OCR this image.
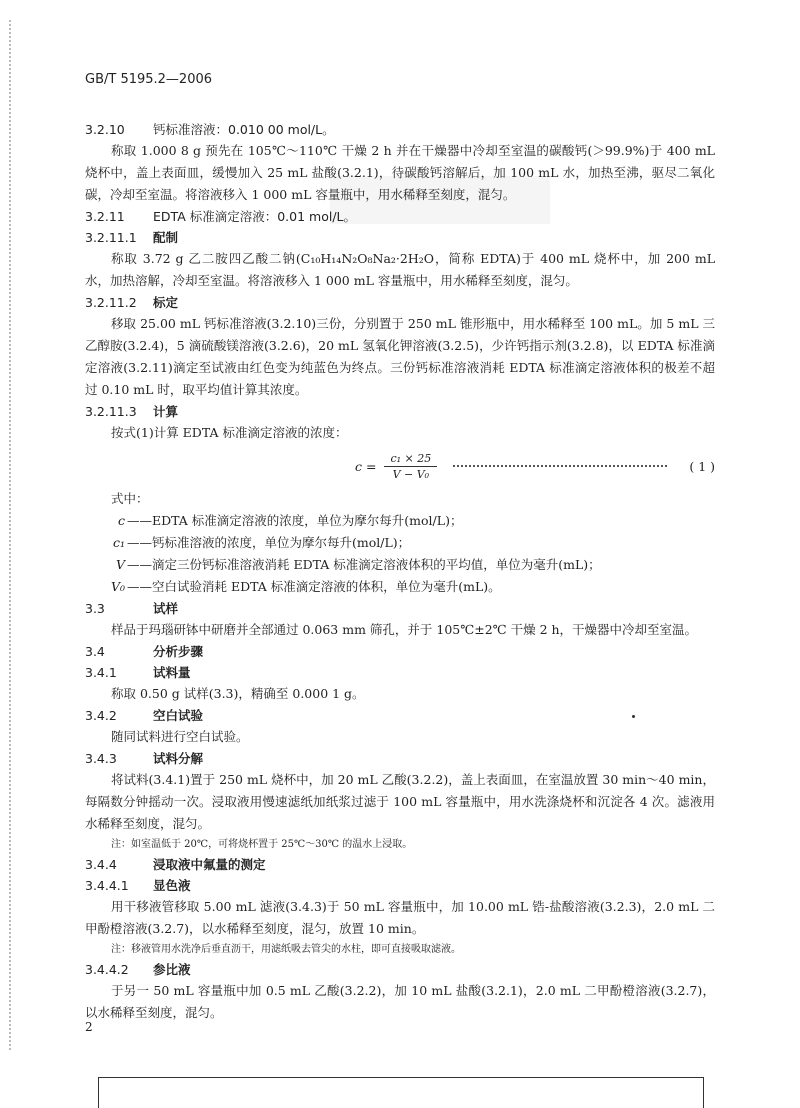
GB/T 5195.2—2006
3.2.10 钙标准溶液：0.010 00 mol/L。
称取 1.000 8 g 预先在 105℃～110℃ 干燥 2 h 并在干燥器中冷却至室温的碳酸钙(＞99.9%)于 400 mL 烧杯中，盖上表面皿，缓慢加入 25 mL 盐酸(3.2.1)，待碳酸钙溶解后，加 100 mL 水，加热至沸，驱尽二氧化碳，冷却至室温。将溶液移入 1 000 mL 容量瓶中，用水稀释至刻度，混匀。
3.2.11 EDTA 标准滴定溶液：0.01 mol/L。
3.2.11.1 配制
称取 3.72 g 乙二胺四乙酸二钠(C₁₀H₁₄N₂O₈Na₂·2H₂O，简称 EDTA)于 400 mL 烧杯中，加 200 mL 水，加热溶解，冷却至室温。将溶液移入 1 000 mL 容量瓶中，用水稀释至刻度，混匀。
3.2.11.2 标定
移取 25.00 mL 钙标准溶液(3.2.10)三份，分别置于 250 mL 锥形瓶中，用水稀释至 100 mL。加 5 mL 三乙醇胺(3.2.4)，5 滴硫酸镁溶液(3.2.6)，20 mL 氢氧化钾溶液(3.2.5)，少许钙指示剂(3.2.8)，以 EDTA 标准滴定溶液(3.2.11)滴定至试液由红色变为纯蓝色为终点。三份钙标准溶液消耗 EDTA 标准滴定溶液体积的极差不超过 0.10 mL 时，取平均值计算其浓度。
3.2.11.3 计算
按式(1)计算 EDTA 标准滴定溶液的浓度：
$c = \frac{\text{c₁ × 25}}{\text{V − V₀}}$	( 1 )
式中：
c ——EDTA 标准滴定溶液的浓度，单位为摩尔每升(mol/L)；
c₁ ——钙标准溶液的浓度，单位为摩尔每升(mol/L)；
V ——滴定三份钙标准溶液消耗 EDTA 标准滴定溶液体积的平均值，单位为毫升(mL)；
V₀ ——空白试验消耗 EDTA 标准滴定溶液的体积，单位为毫升(mL)。
3.3	试样
样品于玛瑙研钵中研磨并全部通过 0.063 mm 筛孔，并于 105℃±2℃ 干燥 2 h，干燥器中冷却至室温。
3.4	分析步骤
3.4.1	试料量
称取 0.50 g 试样(3.3)，精确至 0.000 1 g。
3.4.2	空白试验
随同试料进行空白试验。
3.4.3	试料分解
将试料(3.4.1)置于 250 mL 烧杯中，加 20 mL 乙酸(3.2.2)，盖上表面皿，在室温放置 30 min～40 min，每隔数分钟摇动一次。浸取液用慢速滤纸加纸浆过滤于 100 mL 容量瓶中，用水洗涤烧杯和沉淀各 4 次。滤液用水稀释至刻度，混匀。
注：如室温低于 20℃，可将烧杯置于 25℃～30℃ 的温水上浸取。
3.4.4	浸取液中氟量的测定
3.4.4.1 显色液
用干移液管移取 5.00 mL 滤液(3.4.3)于 50 mL 容量瓶中，加 10.00 mL 锆-盐酸溶液(3.2.3)，2.0 mL 二甲酚橙溶液(3.2.7)，以水稀释至刻度，混匀，放置 10 min。
注：移液管用水洗净后垂直沥干，用滤纸吸去管尖的水柱，即可直接吸取滤液。
3.4.4.2 参比液
于另一 50 mL 容量瓶中加 0.5 mL 乙酸(3.2.2)，加 10 mL 盐酸(3.2.1)，2.0 mL 二甲酚橙溶液(3.2.7)，以水稀释至刻度，混匀。
2
